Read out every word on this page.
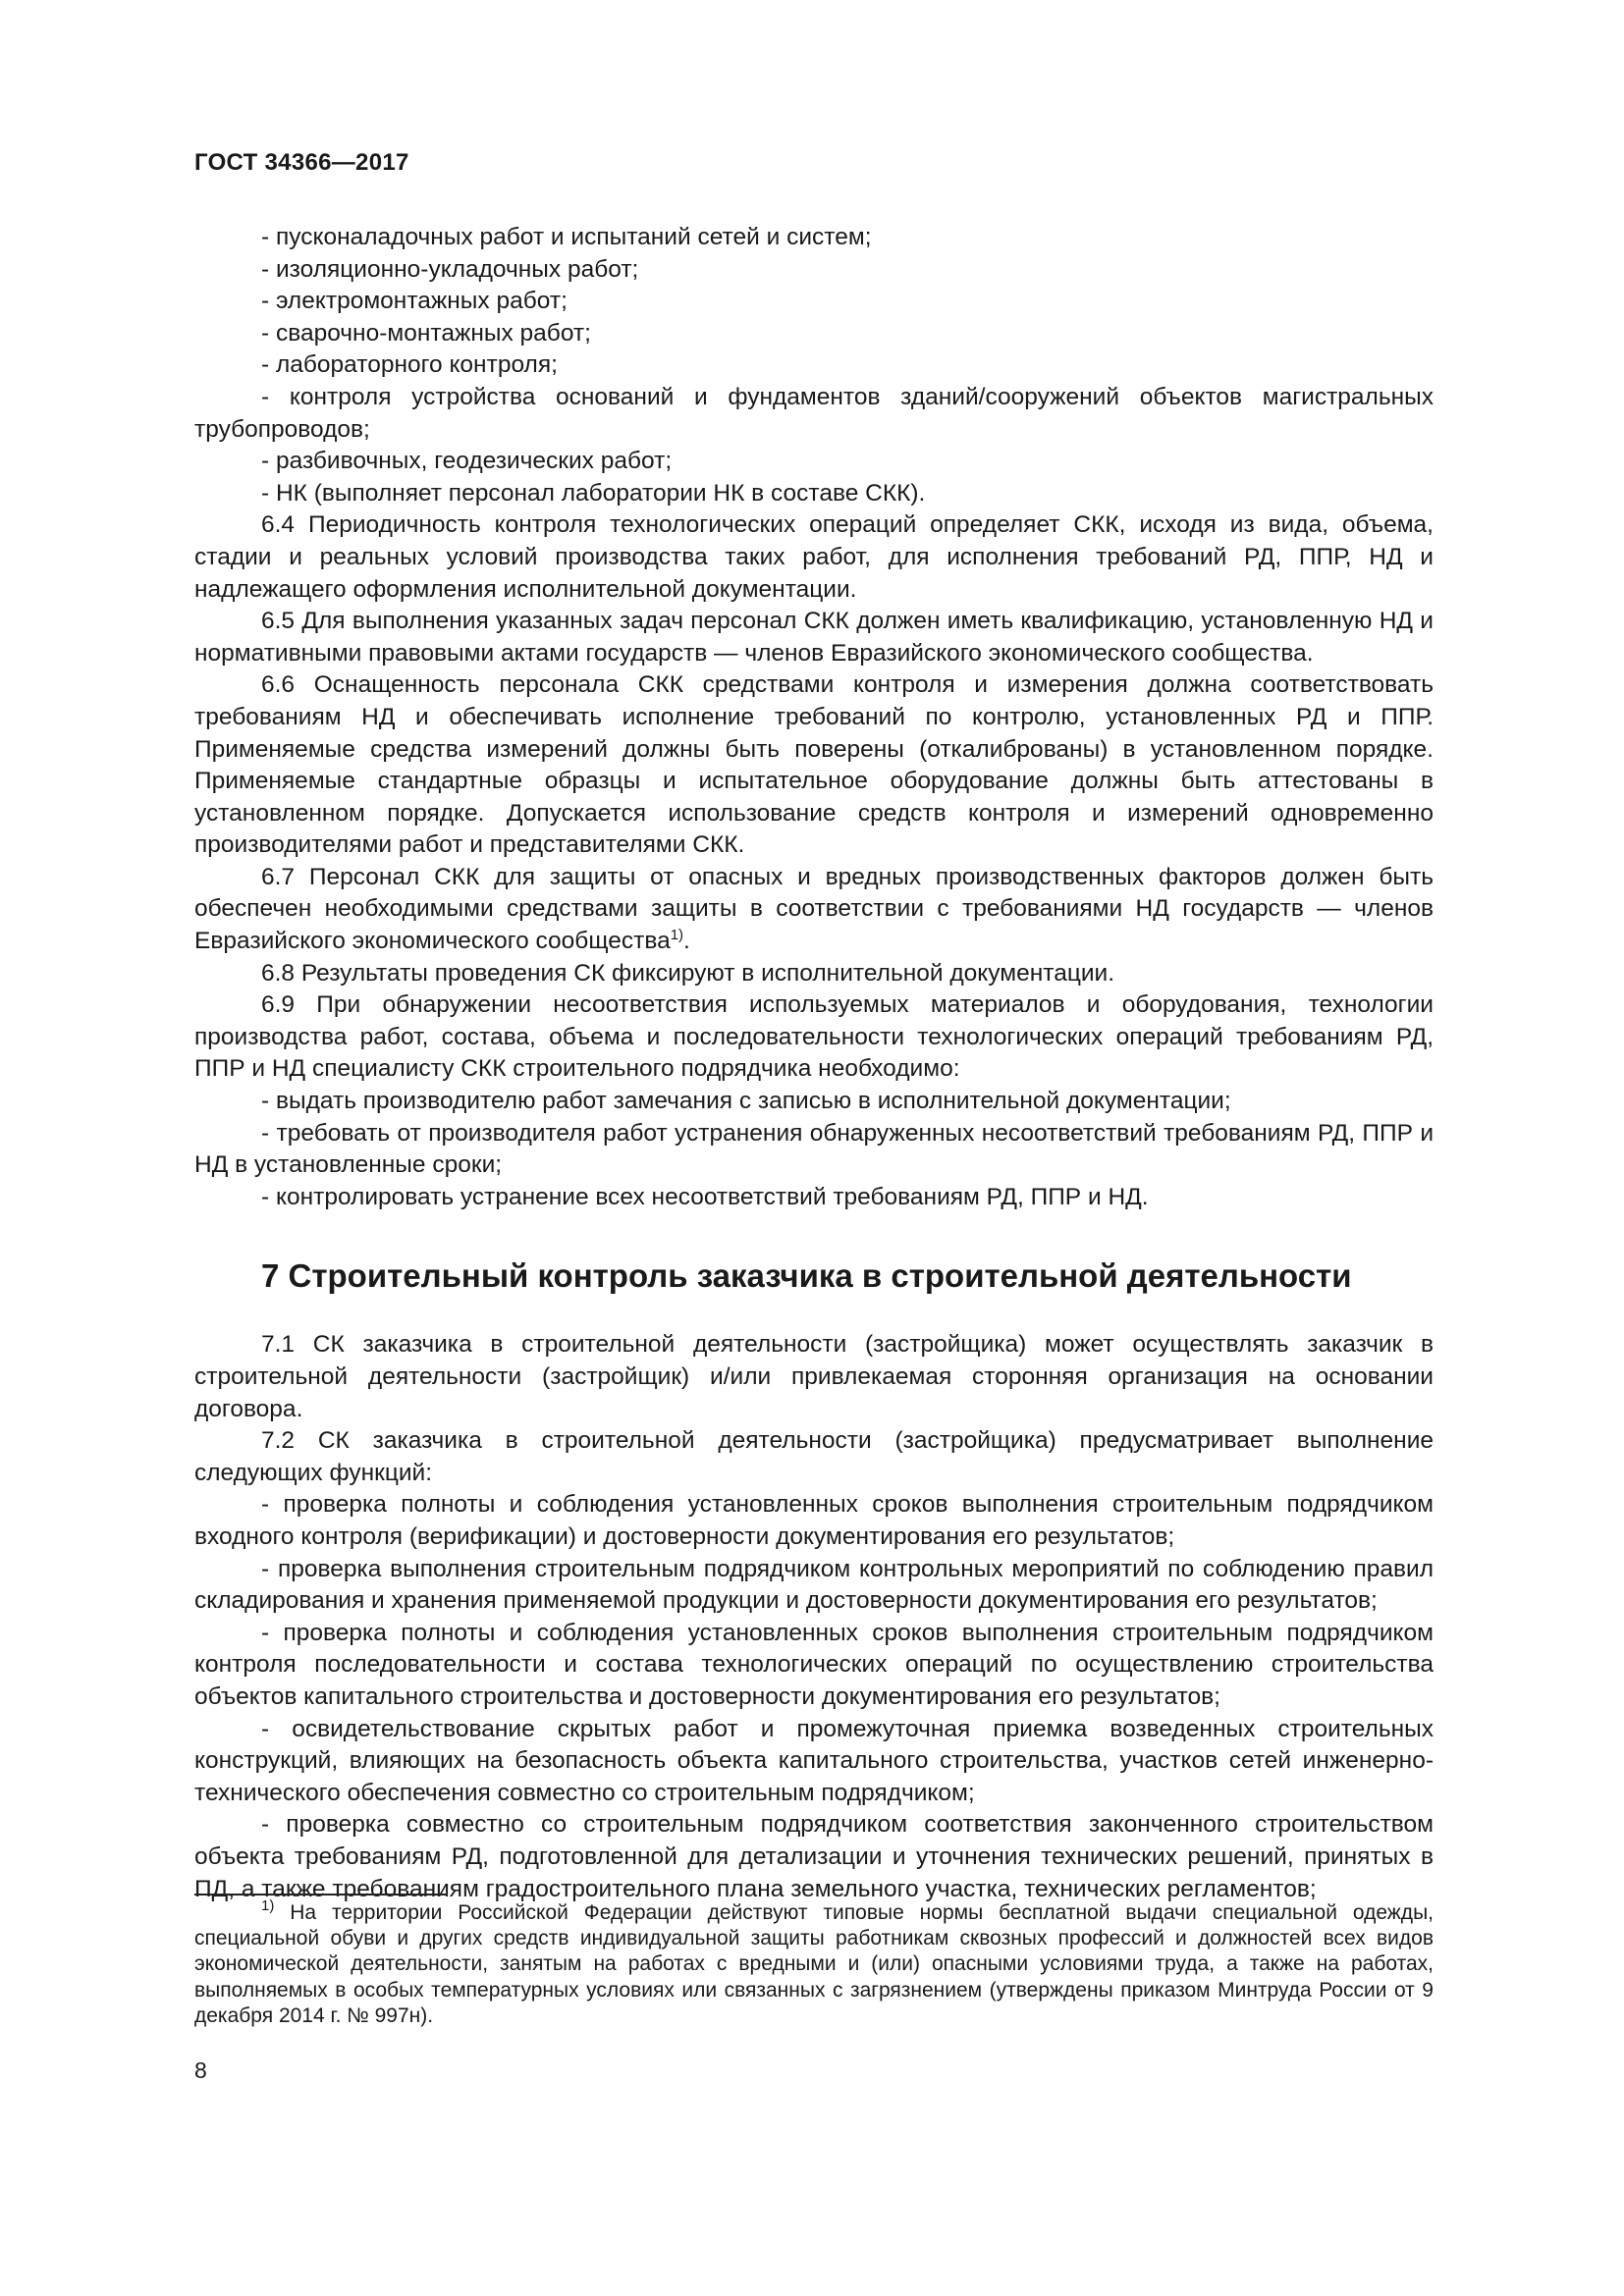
ГОСТ 34366—2017

- пусконаладочных работ и испытаний сетей и систем;

- изоляционно-укладочных работ;

- электромонтажных работ;

- сварочно-монтажных работ;

- лабораторного контроля;

- контроля устройства оснований и фундаментов зданий/сооружений объектов магистральных трубопроводов;

- разбивочных, геодезических работ;

- НК (выполняет персонал лаборатории НК в составе СКК).

6.4 Периодичность контроля технологических операций определяет СКК, исходя из вида, объема, стадии и реальных условий производства таких работ, для исполнения требований РД, ППР, НД и надлежащего оформления исполнительной документации.

6.5 Для выполнения указанных задач персонал СКК должен иметь квалификацию, установленную НД и нормативными правовыми актами государств — членов Евразийского экономического сообщества.

6.6 Оснащенность персонала СКК средствами контроля и измерения должна соответствовать требованиям НД и обеспечивать исполнение требований по контролю, установленных РД и ППР. Применяемые средства измерений должны быть поверены (откалиброваны) в установленном порядке. Применяемые стандартные образцы и испытательное оборудование должны быть аттестованы в установленном порядке. Допускается использование средств контроля и измерений одновременно производителями работ и представителями СКК.

6.7 Персонал СКК для защиты от опасных и вредных производственных факторов должен быть обеспечен необходимыми средствами защиты в соответствии с требованиями НД государств — членов Евразийского экономического сообщества$^{1)}$.

6.8 Результаты проведения СК фиксируют в исполнительной документации.

6.9 При обнаружении несоответствия используемых материалов и оборудования, технологии производства работ, состава, объема и последовательности технологических операций требованиям РД, ППР и НД специалисту СКК строительного подрядчика необходимо:

- выдать производителю работ замечания с записью в исполнительной документации;

- требовать от производителя работ устранения обнаруженных несоответствий требованиям РД, ППР и НД в установленные сроки;

- контролировать устранение всех несоответствий требованиям РД, ППР и НД.

7 Строительный контроль заказчика в строительной деятельности

7.1 СК заказчика в строительной деятельности (застройщика) может осуществлять заказчик в строительной деятельности (застройщик) и/или привлекаемая сторонняя организация на основании договора.

7.2 СК заказчика в строительной деятельности (застройщика) предусматривает выполнение следующих функций:

- проверка полноты и соблюдения установленных сроков выполнения строительным подрядчиком входного контроля (верификации) и достоверности документирования его результатов;

- проверка выполнения строительным подрядчиком контрольных мероприятий по соблюдению правил складирования и хранения применяемой продукции и достоверности документирования его результатов;

- проверка полноты и соблюдения установленных сроков выполнения строительным подрядчиком контроля последовательности и состава технологических операций по осуществлению строительства объектов капитального строительства и достоверности документирования его результатов;

- освидетельствование скрытых работ и промежуточная приемка возведенных строительных конструкций, влияющих на безопасность объекта капитального строительства, участков сетей инженерно-технического обеспечения совместно со строительным подрядчиком;

- проверка совместно со строительным подрядчиком соответствия законченного строительством объекта требованиям РД, подготовленной для детализации и уточнения технических решений, принятых в ПД, а также требованиям градостроительного плана земельного участка, технических регламентов;

$^{1)}$ На территории Российской Федерации действуют типовые нормы бесплатной выдачи специальной одежды, специальной обуви и других средств индивидуальной защиты работникам сквозных профессий и должностей всех видов экономической деятельности, занятым на работах с вредными и (или) опасными условиями труда, а также на работах, выполняемых в особых температурных условиях или связанных с загрязнением (утверждены приказом Минтруда России от 9 декабря 2014 г. № 997н).

8
